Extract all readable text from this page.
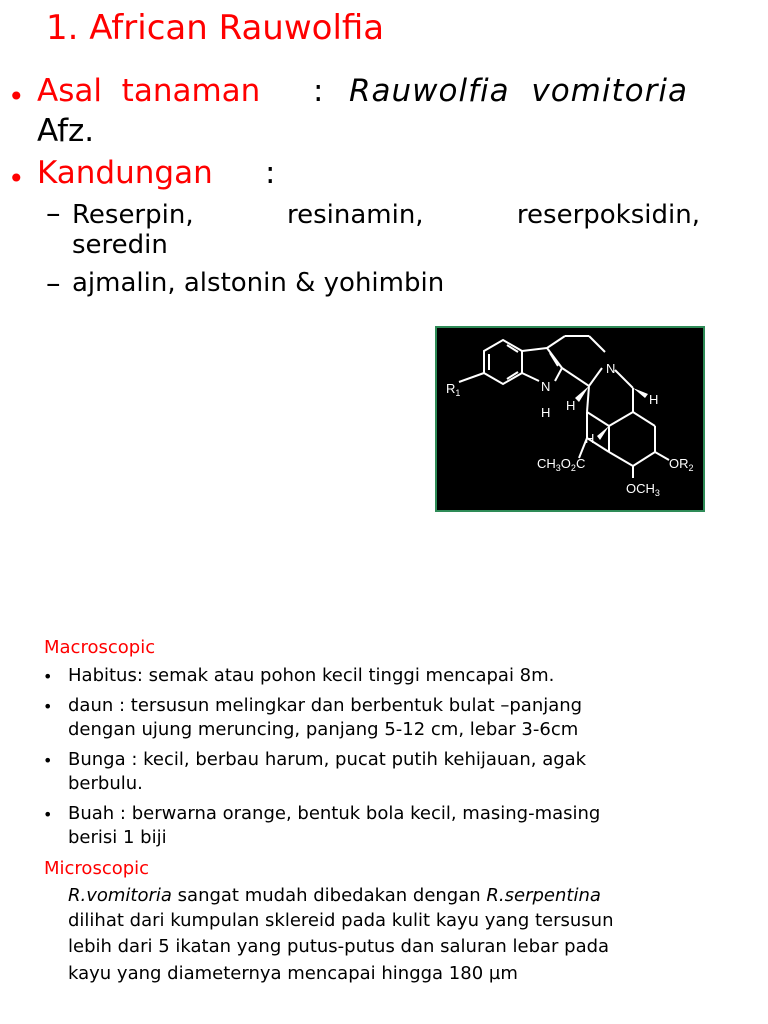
1. African Rauwolfia
• Asal  tanaman : Rauwolfia  vomitoria
Afz.
• Kandungan :
– Reserpin,	resinamin,	reserpoksidin,
seredin
– ajmalin, alstonin & yohimbin
$R_1$	N
H
N
H	H
H
$CH_3O_2C$	$OR_2$
$OCH_3$
Macroscopic
• Habitus: semak atau pohon kecil tinggi mencapai 8m.
• daun : tersusun melingkar dan berbentuk bulat –panjang
dengan ujung meruncing, panjang 5-12 cm, lebar 3-6cm
• Bunga : kecil, berbau harum, pucat putih kehijauan, agak
berbulu.
• Buah : berwarna orange, bentuk bola kecil, masing-masing
berisi 1 biji
Microscopic
R.vomitoria sangat mudah dibedakan dengan R.serpentina
dilihat dari kumpulan sklereid pada kulit kayu yang tersusun
lebih dari 5 ikatan yang putus-putus dan saluran lebar pada
kayu yang diameternya mencapai hingga 180 µm
